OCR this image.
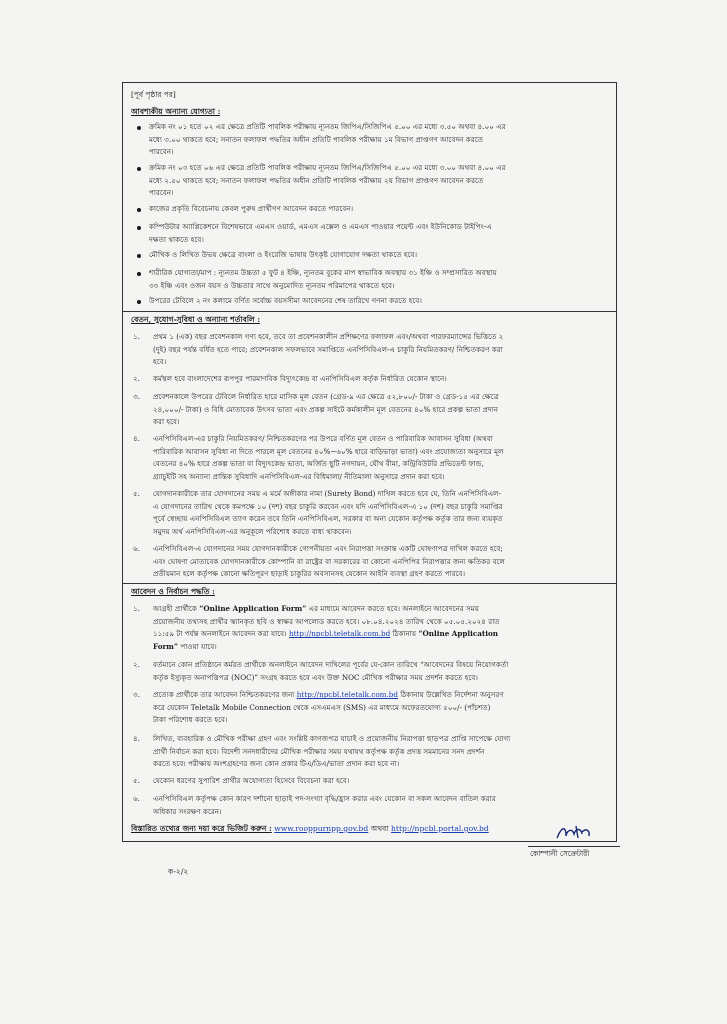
[পূর্ব পৃষ্ঠার পর]
আবশ্যকীয় অন্যান্য যোগ্যতা :
ক্রমিক নং ০১ হতে ০২ এর ক্ষেত্রে প্রতিটি পাবলিক পরীক্ষায় ন্যূনতম জিপিএ/সিজিপিএ ৫.০০ এর মধ্যে ৩.৫০ অথবা ৪.০০ এর
মধ্যে ৩.০০ থাকতে হবে; সনাতন ফলাফল পদ্ধতির অধীন প্রতিটি পাবলিক পরীক্ষায় ১ম বিভাগ প্রাপ্তগণ আবেদন করতে
পারবেন।
ক্রমিক নং ০৩ হতে ০৬ এর ক্ষেত্রে প্রতিটি পাবলিক পরীক্ষায় ন্যূনতম জিপিএ/সিজিপিএ ৫.০০ এর মধ্যে ৩.০০ অথবা ৪.০০ এর
মধ্যে ২.৫০ থাকতে হবে; সনাতন ফলাফল পদ্ধতির অধীন প্রতিটি পাবলিক পরীক্ষায় ২য় বিভাগ প্রাপ্তগণ আবেদন করতে
পারবেন।
কাজের প্রকৃতি বিবেচনায় কেবল পুরুষ প্রার্থীগণ আবেদন করতে পারবেন।
কম্পিউটার অ্যাপ্লিকেশনে বিশেষভাবে এমএস ওয়ার্ড, এমএস এক্সেল ও এমএস পাওয়ার পয়েন্ট এবং ইউনিকোড টাইপিং-এ
দক্ষতা থাকতে হবে।
মৌখিক ও লিখিত উভয় ক্ষেত্রে বাংলা ও ইংরেজি ভাষায় উৎকৃষ্ট যোগাযোগ দক্ষতা থাকতে হবে।
শারীরিক যোগ্যতা/মাপ : ন্যূনতম উচ্চতা ৫ ফুট ৪ ইঞ্চি, ন্যূনতম বুকের মাপ স্বাভাবিক অবস্থায় ৩১ ইঞ্চি ও সম্প্রসারিত অবস্থায়
৩৩ ইঞ্চি এবং ওজন বয়স ও উচ্চতার সাথে অনুমোদিত ন্যূনতম পরিমাপের থাকতে হবে।
উপরের টেবিলে ২ নং কলামে বর্ণিত সর্বোচ্চ বয়সসীমা আবেদনের শেষ তারিখে গণনা করতে হবে।
বেতন, সুযোগ-সুবিধা ও অন্যান্য শর্তাবলি :
১. প্রথম ১ (এক) বছর প্রবেশনকাল গণ্য হবে, তবে তা প্রবেশনকালীন প্রশিক্ষণের ফলাফল এবং/অথবা পারফরম্যান্সের ভিত্তিতে ২
(দুই) বছর পর্যন্ত বর্ধিত হতে পারে; প্রবেশনকাল সফলভাবে সমাপ্তিতে এনপিসিবিএল-এ চাকুরি নিয়মিতকরণ/ নিশ্চিতকরণ করা
হবে।
২. কর্মস্থল হবে বাংলাদেশের রূপপুর পারমাণবিক বিদ্যুৎকেন্দ্র বা এনপিসিবিএল কর্তৃক নির্ধারিত যেকোন স্থানে।
৩. প্রবেশনকালে উপরের টেবিলে নির্ধারিত হারে মাসিক মূল বেতন (গ্রেড-৯ এর ক্ষেত্রে ৫২,৮০০/- টাকা ও গ্রেড-১৫ এর ক্ষেত্রে
২৪,০০০/- টাকা) ও বিধি মোতাবেক উৎসব ভাতা এবং প্রকল্প সাইটে কর্মকালীন মূল বেতনের ৪০% হারে প্রকল্প ভাতা প্রদান
করা হবে।
৪. এনপিসিবিএল-এর চাকুরি নিয়মিতকরণ/ নিশ্চিতকরণের পর উপরে বর্ণিত মূল বেতন ও পারিবারিক আবাসন সুবিধা (অথবা
পারিবারিক আবাসন সুবিধা না দিতে পারলে মূল বেতনের ৪০%−৬০% হারে বাড়িভাড়া ভাতা) এবং প্রযোজ্যতা অনুসারে মূল
বেতনের ৪০% হারে প্রকল্প ভাতা বা বিদ্যুৎকেন্দ্র ভাতা, অর্জিত ছুটি নগদায়ন, যৌথ বীমা, কন্ট্রিবিউটরি প্রভিডেন্ট ফান্ড,
গ্র্যাচুইটি সহ অন্যান্য প্রান্তিক সুবিধাদি এনপিসিবিএল-এর বিধিমালা/ নীতিমালা অনুসারে প্রদান করা হবে।
৫. যোগদানকারীকে তার যোগদানের সময় এ মর্মে অঙ্গীকার নামা (Surety Bond) দাখিল করতে হবে যে, তিনি এনপিসিবিএল-
এ যোগদানের তারিখ থেকে কমপক্ষে ১০ (দশ) বছর চাকুরি করবেন এবং যদি এনপিসিবিএল-এ ১০ (দশ) বছর চাকুরি সমাপ্তির
পূর্বে স্বেচ্ছায় এনপিসিবিএল ত্যাগ করেন তবে তিনি এনপিসিবিএল, সরকার বা অন্য যেকোন কর্তৃপক্ষ কর্তৃক তার জন্য ব্যয়কৃত
সমুদয় অর্থ এনপিসিবিএল-এর অনুকূলে পরিশোধ করতে বাধ্য থাকবেন।
৬. এনপিসিবিএল-এ যোগদানের সময় যোগদানকারীকে গোপনীয়তা এবং নিরাপত্তা সংক্রান্ত একটি ঘোষণাপত্র দাখিল করতে হবে;
এবং ঘোষণা মোতাবেক যোগদানকারীকে কোম্পানি বা রাষ্ট্রের বা সরকারের বা কোনো এনপিপির নিরাপত্তার জন্য ক্ষতিকর বলে
প্রতীয়মান হলে কর্তৃপক্ষ কোনো ক্ষতিপূরণ ছাড়াই চাকুরির অবসানসহ যেকোন আইনি ব্যবস্থা গ্রহণ করতে পারবে।
আবেদন ও নির্বাচন পদ্ধতি :
১. আগ্রহী প্রার্থীকে “Online Application Form” এর মাধ্যমে আবেদন করতে হবে। অনলাইনে আবেদনের সময়
প্রয়োজনীয় তথ্যসহ প্রার্থীর স্ক্যানকৃত ছবি ও স্বাক্ষর আপলোড করতে হবে। ০৮.০৪.২০২৪ তারিখ থেকে ০৫.০৫.২০২৪ রাত
১১:৫৯ টা পর্যন্ত অনলাইনে আবেদন করা যাবে। http://npcbl.teletalk.com.bd ঠিকানায় “Online Application
Form” পাওয়া যাবে।
২. বর্তমানে কোন প্রতিষ্ঠানে কর্মরত প্রার্থীকে অনলাইনে আবেদন দাখিলের পূর্বের যে-কোন তারিখে “আবেদনের বিষয়ে নিয়োগকর্তা
কর্তৃক ইস্যুকৃত অনাপত্তিপত্র (NOC)” সংগ্রহ করতে হবে এবং উক্ত NOC মৌখিক পরীক্ষার সময় প্রদর্শন করতে হবে।
৩. প্রত্যেক প্রার্থীকে তার আবেদন নিশ্চিতকরণের জন্য http://npcbl.teletalk.com.bd ঠিকানায় উল্লেখিত নির্দেশনা অনুসরণ
করে যেকোন Teletalk Mobile Connection থেকে এসএমএস (SMS) এর মাধ্যমে অফেরতযোগ্য ৫০০/- (পাঁচশত)
টাকা পরিশোধ করতে হবে।
৪. লিখিত, ব্যবহারিক ও মৌখিক পরীক্ষা গ্রহণ এবং সংশ্লিষ্ট কাগজপত্র যাচাই ও প্রয়োজনীয় নিরাপত্তা ছাড়পত্র প্রাপ্তি সাপেক্ষে যোগ্য
প্রার্থী নির্বাচন করা হবে। বিদেশী সনদধারীদের মৌখিক পরীক্ষার সময় যথাযথ কর্তৃপক্ষ কর্তৃক প্রদত্ত সমমানের সনদ প্রদর্শন
করতে হবে। পরীক্ষায় অংশগ্রহণের জন্য কোন প্রকার টিএ/ডিএ/ভাতা প্রদান করা হবে না।
৫. যেকোন ধরণের সুপারিশ প্রার্থীর অযোগ্যতা হিসেবে বিবেচনা করা হবে।
৬. এনপিসিবিএল কর্তৃপক্ষ কোন কারণ দর্শানো ছাড়াই পদ-সংখ্যা বৃদ্ধি/হ্রাস করার এবং যেকোন বা সকল আবেদন বাতিল করার
অধিকার সংরক্ষণ করেন।
বিস্তারিত তথ্যের জন্য দয়া করে ভিজিট করুন : www.rooppurnpp.gov.bd অথবা http://npcbl.portal.gov.bd
কোম্পানী সেক্রেটারী
ক-২/২
